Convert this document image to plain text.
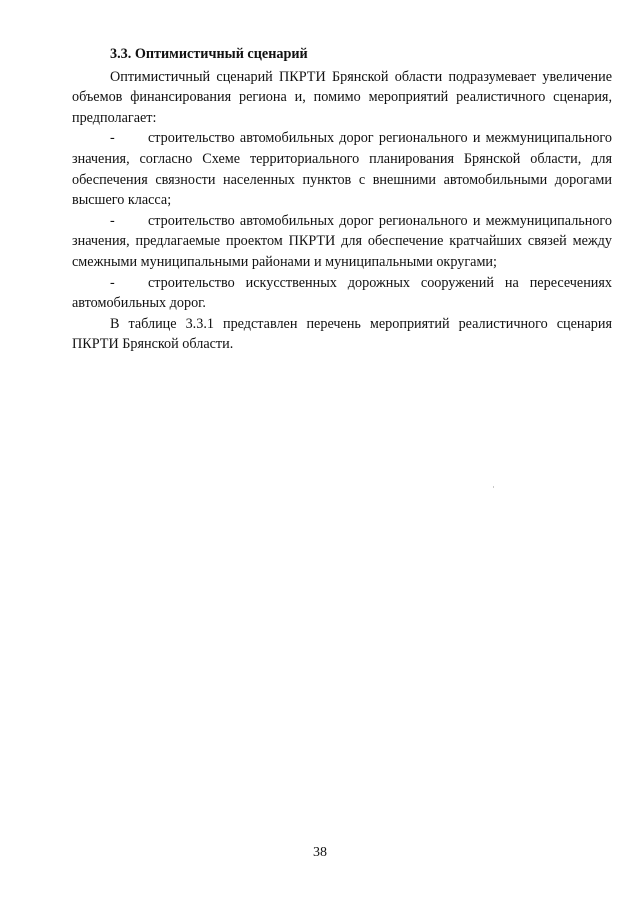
3.3. Оптимистичный сценарий

Оптимистичный сценарий ПКРТИ Брянской области подразумевает увеличение объемов финансирования региона и, помимо мероприятий реалистичного сценария, предполагает:

- строительство автомобильных дорог регионального и межмуниципального значения, согласно Схеме территориального планирования Брянской области, для обеспечения связности населенных пунктов с внешними автомобильными дорогами высшего класса;

- строительство автомобильных дорог регионального и межмуниципального значения, предлагаемые проектом ПКРТИ для обеспечение кратчайших связей между смежными муниципальными районами и муниципальными округами;

- строительство искусственных дорожных сооружений на пересечениях автомобильных дорог.

В таблице 3.3.1 представлен перечень мероприятий реалистичного сценария ПКРТИ Брянской области.

38
